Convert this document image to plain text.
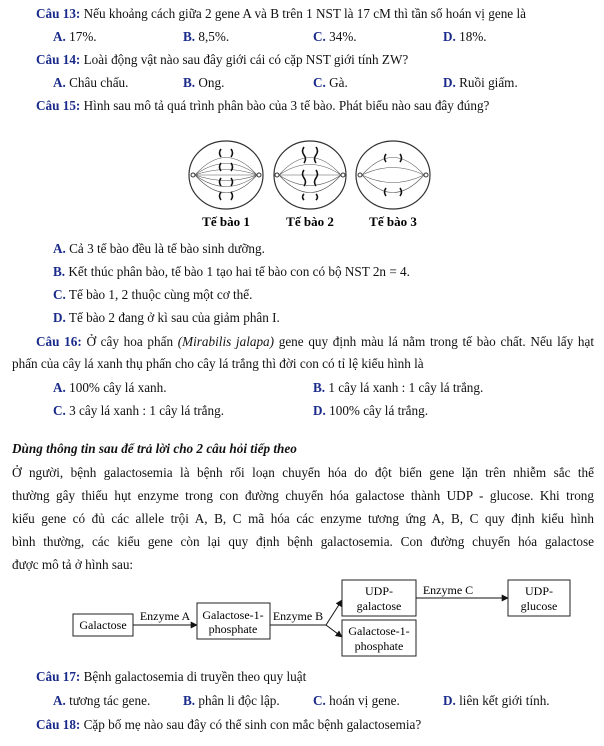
Câu 13: Nếu khoảng cách giữa 2 gene A và B trên 1 NST là 17 cM thì tần số hoán vị gene là
A. 17%.	B. 8,5%.	C. 34%.	D. 18%.
Câu 14: Loài động vật nào sau đây giới cái có cặp NST giới tính ZW?
A. Châu chấu.	B. Ong.	C. Gà.	D. Ruồi giấm.
Câu 15: Hình sau mô tả quá trình phân bào của 3 tế bào. Phát biểu nào sau đây đúng?
Tế bào 1	Tế bào 2	Tế bào 3
A. Cả 3 tế bào đều là tế bào sinh dưỡng.
B. Kết thúc phân bào, tế bào 1 tạo hai tế bào con có bộ NST 2n = 4.
C. Tế bào 1, 2 thuộc cùng một cơ thể.
D. Tế bào 2 đang ở kì sau của giảm phân I.
Câu 16: Ở cây hoa phấn (Mirabilis jalapa) gene quy định màu lá nằm trong tế bào chất. Nếu lấy hạt
phấn của cây lá xanh thụ phấn cho cây lá trắng thì đời con có tỉ lệ kiểu hình là
A. 100% cây lá xanh.	B. 1 cây lá xanh : 1 cây lá trắng.
C. 3 cây lá xanh : 1 cây lá trắng.	D. 100% cây lá trắng.
Dùng thông tin sau để trả lời cho 2 câu hỏi tiếp theo
Ở người, bệnh galactosemia là bệnh rối loạn chuyển hóa do đột biến gene lặn trên nhiễm sắc thể
thường gây thiếu hụt enzyme trong con đường chuyển hóa galactose thành UDP - glucose. Khi trong
kiểu gene có đủ các allele trội A, B, C mã hóa các enzyme tương ứng A, B, C quy định kiểu hình
bình thường, các kiểu gene còn lại quy định bệnh galactosemia. Con đường chuyển hóa galactose
được mô tả ở hình sau:
Galactose
Enzyme A Galactose-1-
phosphate
Enzyme B
UDP-
galactose
Enzyme C	UDP-
glucose
Galactose-1-
phosphate
Câu 17: Bệnh galactosemia di truyền theo quy luật
A. tương tác gene. B. phân li độc lập.	C. hoán vị gene.	D. liên kết giới tính.
Câu 18: Cặp bố mẹ nào sau đây có thể sinh con mắc bệnh galactosemia?
